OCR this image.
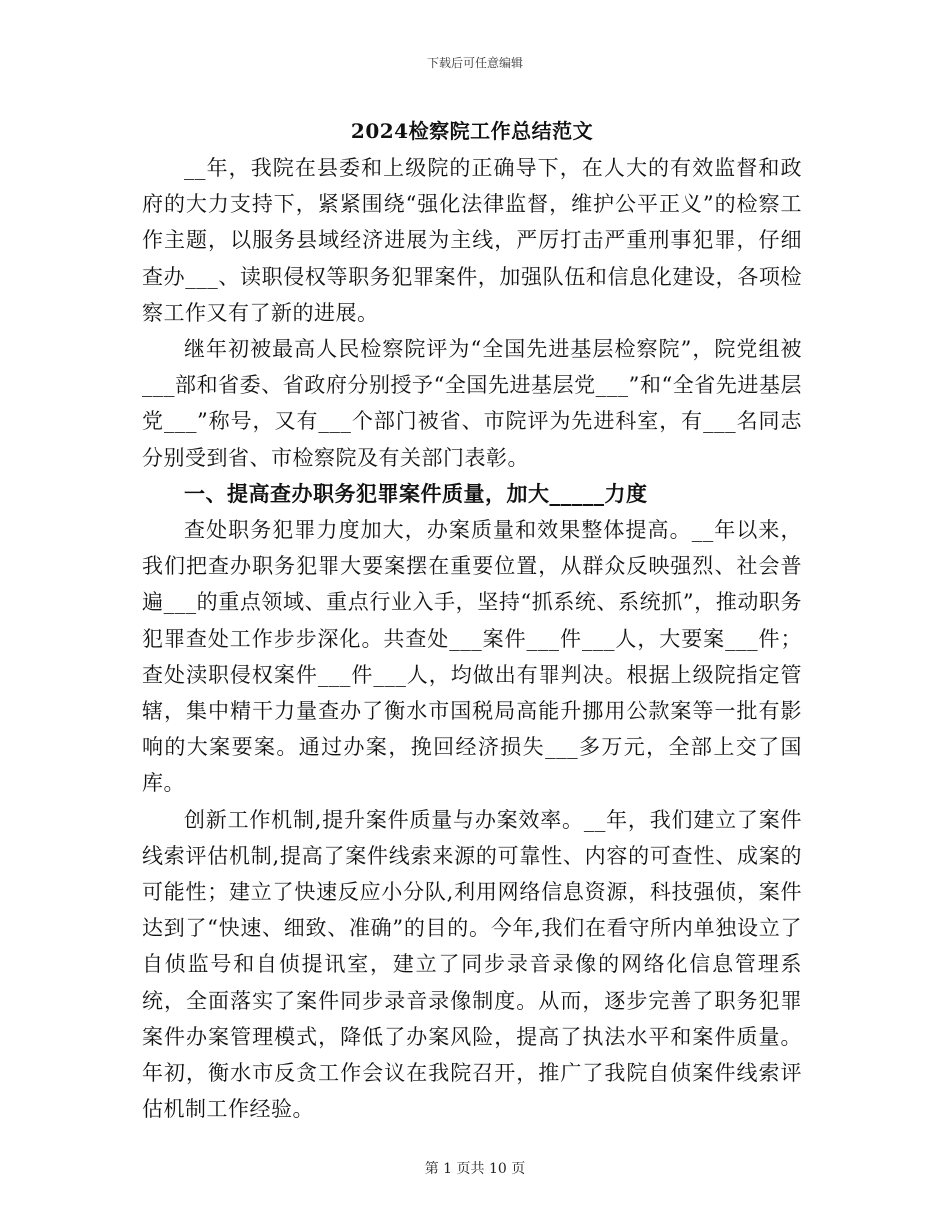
下载后可任意编辑
2024检察院工作总结范文

__年，我院在县委和上级院的正确导下，在人大的有效监督和政府的大力支持下，紧紧围绕“强化法律监督，维护公平正义”的检察工作主题，以服务县域经济进展为主线，严厉打击严重刑事犯罪，仔细查办___、读职侵权等职务犯罪案件，加强队伍和信息化建设，各项检察工作又有了新的进展。

继年初被最高人民检察院评为“全国先进基层检察院”，院党组被___部和省委、省政府分别授予“全国先进基层党___”和“全省先进基层党___”称号，又有___个部门被省、市院评为先进科室，有___名同志分别受到省、市检察院及有关部门表彰。

一、提高查办职务犯罪案件质量，加大_____力度

查处职务犯罪力度加大，办案质量和效果整体提高。__年以来，我们把查办职务犯罪大要案摆在重要位置，从群众反映强烈、社会普遍___的重点领域、重点行业入手，坚持“抓系统、系统抓”，推动职务犯罪查处工作步步深化。共查处___案件___件___人，大要案___件；查处渎职侵权案件___件___人，均做出有罪判决。根据上级院指定管辖，集中精干力量查办了衡水市国税局高能升挪用公款案等一批有影响的大案要案。通过办案，挽回经济损失___多万元，全部上交了国库。

创新工作机制,提升案件质量与办案效率。__年，我们建立了案件线索评估机制,提高了案件线索来源的可靠性、内容的可查性、成案的可能性；建立了快速反应小分队,利用网络信息资源，科技强侦，案件达到了“快速、细致、准确”的目的。今年,我们在看守所内单独设立了自侦监号和自侦提讯室，建立了同步录音录像的网络化信息管理系统，全面落实了案件同步录音录像制度。从而，逐步完善了职务犯罪案件办案管理模式，降低了办案风险，提高了执法水平和案件质量。年初，衡水市反贪工作会议在我院召开，推广了我院自侦案件线索评估机制工作经验。

第 1 页共 10 页
